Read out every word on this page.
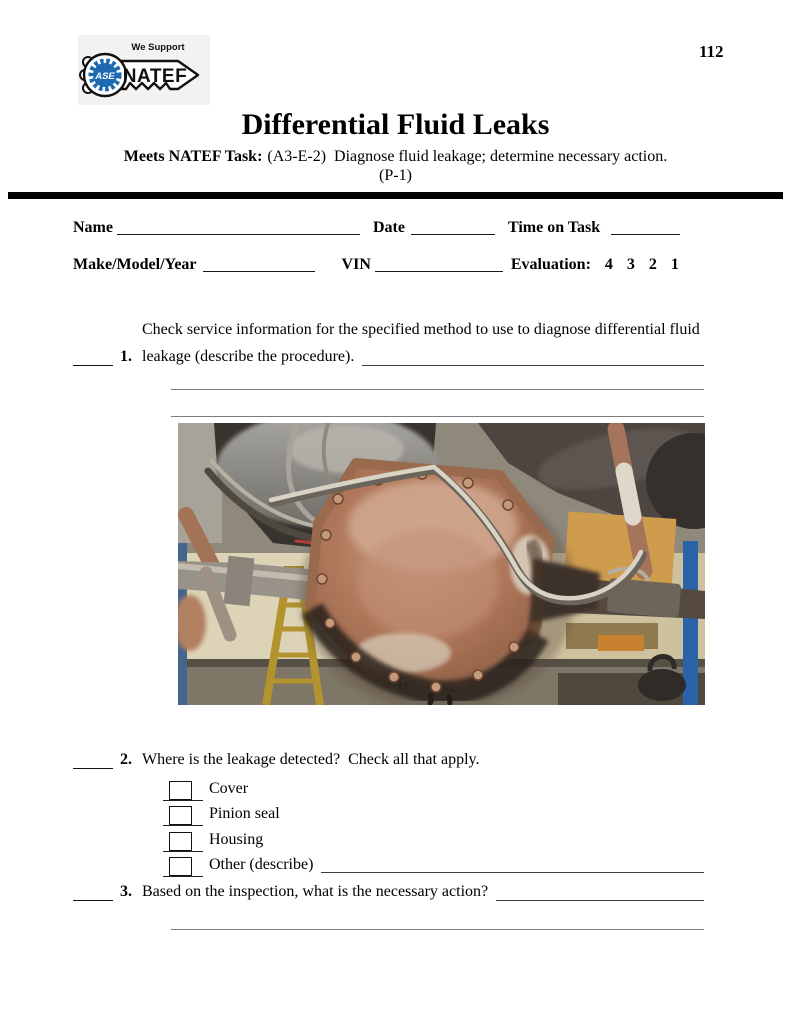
ASE
We Support
NATEF
112
Differential Fluid Leaks
Meets NATEF Task: (A3-E-2)  Diagnose fluid leakage; determine necessary action.
(P-1)
Name	Date	Time on Task
Make/Model/Year	VIN	Evaluation: 4 3 2 1
1.
Check service information for the specified method to use to diagnose differential fluid
leakage (describe the procedure).
2. Where is the leakage detected?  Check all that apply.
Cover
Pinion seal
Housing
Other (describe)
3. Based on the inspection, what is the necessary action?
